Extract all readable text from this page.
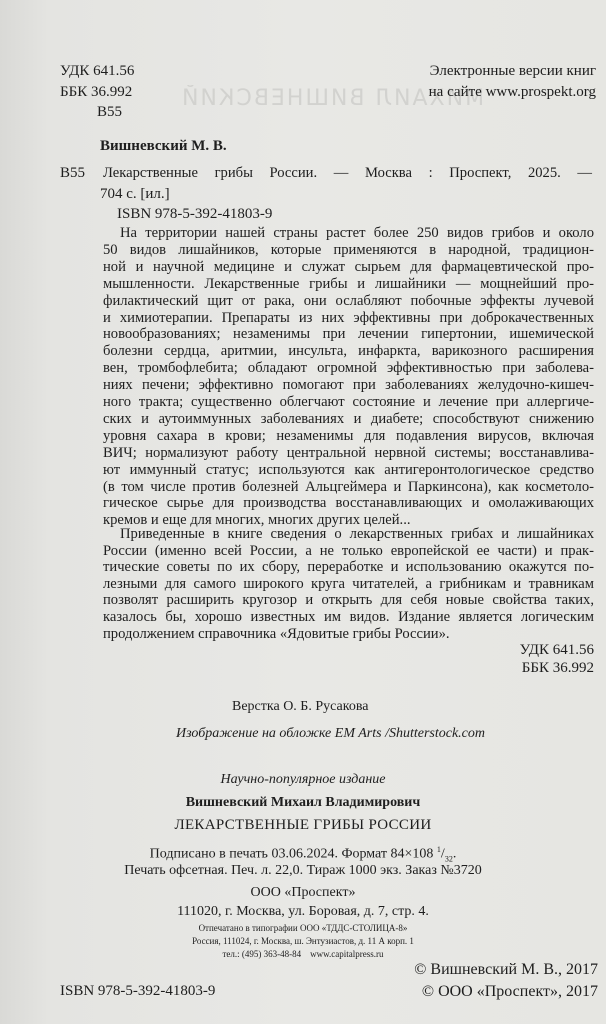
МИХАИЛ ВИШНЕВСКИЙ
УДК 641.56
ББК 36.992
В55
Электронные версии книг
на сайте www.prospekt.org
Вишневский М. В.
В55 Лекарственные грибы России. — Москва : Проспект, 2025. —
704 с. [ил.]
ISBN 978-5-392-41803-9
На территории нашей страны растет более 250 видов грибов и около
50 видов лишайников, которые применяются в народной, традицион-
ной и научной медицине и служат сырьем для фармацевтической про-
мышленности. Лекарственные грибы и лишайники — мощнейший про-
филактический щит от рака, они ослабляют побочные эффекты лучевой
и химиотерапии. Препараты из них эффективны при доброкачественных
новообразованиях; незаменимы при лечении гипертонии, ишемической
болезни сердца, аритмии, инсульта, инфаркта, варикозного расширения
вен, тромбофлебита; обладают огромной эффективностью при заболева-
ниях печени; эффективно помогают при заболеваниях желудочно-кишеч-
ного тракта; существенно облегчают состояние и лечение при аллергиче-
ских и аутоиммунных заболеваниях и диабете; способствуют снижению
уровня сахара в крови; незаменимы для подавления вирусов, включая
ВИЧ; нормализуют работу центральной нервной системы; восстанавлива-
ют иммунный статус; используются как антигеронтологическое средство
(в том числе против болезней Альцгеймера и Паркинсона), как косметоло-
гическое сырье для производства восстанавливающих и омолаживающих
кремов и еще для многих, многих других целей...
Приведенные в книге сведения о лекарственных грибах и лишайниках
России (именно всей России, а не только европейской ее части) и прак-
тические советы по их сбору, переработке и использованию окажутся по-
лезными для самого широкого круга читателей, а грибникам и травникам
позволят расширить кругозор и открыть для себя новые свойства таких,
казалось бы, хорошо известных им видов. Издание является логическим
продолжением справочника «Ядовитые грибы России».
УДК 641.56
ББК 36.992
Верстка О. Б. Русакова
Изображение на обложке EM Arts /Shutterstock.com
Научно-популярное издание
Вишневский Михаил Владимирович
ЛЕКАРСТВЕННЫЕ ГРИБЫ РОССИИ
Подписано в печать 03.06.2024. Формат 84×108 $^1/_{32}$.
Печать офсетная. Печ. л. 22,0. Тираж 1000 экз. Заказ №3720
ООО «Проспект»
111020, г. Москва, ул. Боровая, д. 7, стр. 4.
Отпечатано в типографии ООО «ТДДС-СТОЛИЦА-8»
Россия, 111024, г. Москва, ш. Энтузиастов, д. 11 А корп. 1
тел.: (495) 363-48-84 www.capitalpress.ru
ISBN 978-5-392-41803-9
© Вишневский М. В., 2017
© ООО «Проспект», 2017
